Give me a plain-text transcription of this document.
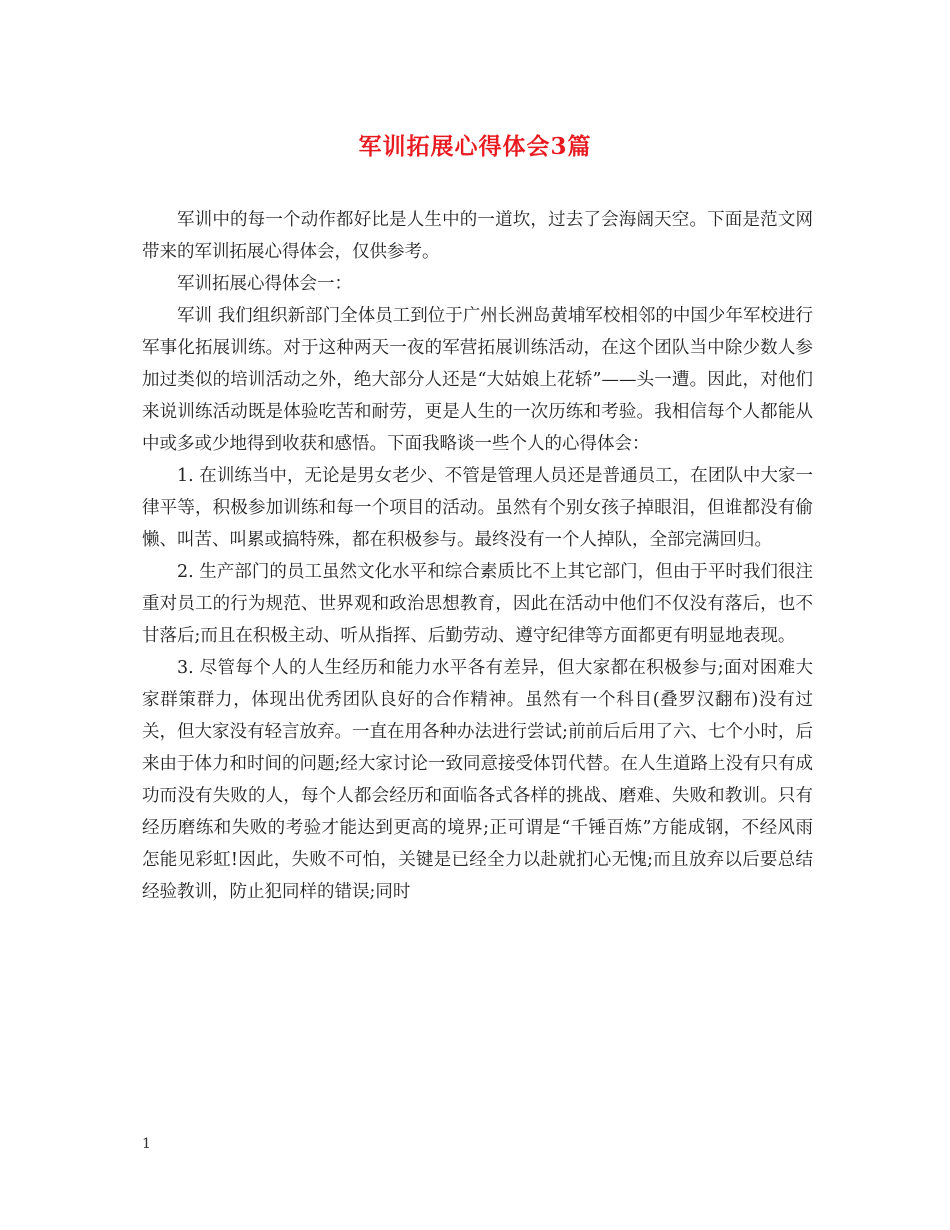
军训拓展心得体会3篇

军训中的每一个动作都好比是人生中的一道坎，过去了会海阔天空。下面是范文网带来的军训拓展心得体会，仅供参考。

军训拓展心得体会一：

军训 我们组织新部门全体员工到位于广州长洲岛黄埔军校相邻的中国少年军校进行军事化拓展训练。对于这种两天一夜的军营拓展训练活动，在这个团队当中除少数人参加过类似的培训活动之外，绝大部分人还是“大姑娘上花轿”——头一遭。因此，对他们来说训练活动既是体验吃苦和耐劳，更是人生的一次历练和考验。我相信每个人都能从中或多或少地得到收获和感悟。下面我略谈一些个人的心得体会：

1. 在训练当中，无论是男女老少、不管是管理人员还是普通员工，在团队中大家一律平等，积极参加训练和每一个项目的活动。虽然有个别女孩子掉眼泪，但谁都没有偷懒、叫苦、叫累或搞特殊，都在积极参与。最终没有一个人掉队，全部完满回归。

2. 生产部门的员工虽然文化水平和综合素质比不上其它部门，但由于平时我们很注重对员工的行为规范、世界观和政治思想教育，因此在活动中他们不仅没有落后，也不甘落后;而且在积极主动、听从指挥、后勤劳动、遵守纪律等方面都更有明显地表现。

3. 尽管每个人的人生经历和能力水平各有差异，但大家都在积极参与;面对困难大家群策群力，体现出优秀团队良好的合作精神。虽然有一个科目(叠罗汉翻布)没有过关，但大家没有轻言放弃。一直在用各种办法进行尝试;前前后后用了六、七个小时，后来由于体力和时间的问题;经大家讨论一致同意接受体罚代替。在人生道路上没有只有成功而没有失败的人，每个人都会经历和面临各式各样的挑战、磨难、失败和教训。只有经历磨练和失败的考验才能达到更高的境界;正可谓是“千锤百炼”方能成钢，不经风雨怎能见彩虹!因此，失败不可怕，关键是已经全力以赴就扪心无愧;而且放弃以后要总结经验教训，防止犯同样的错误;同时

1
